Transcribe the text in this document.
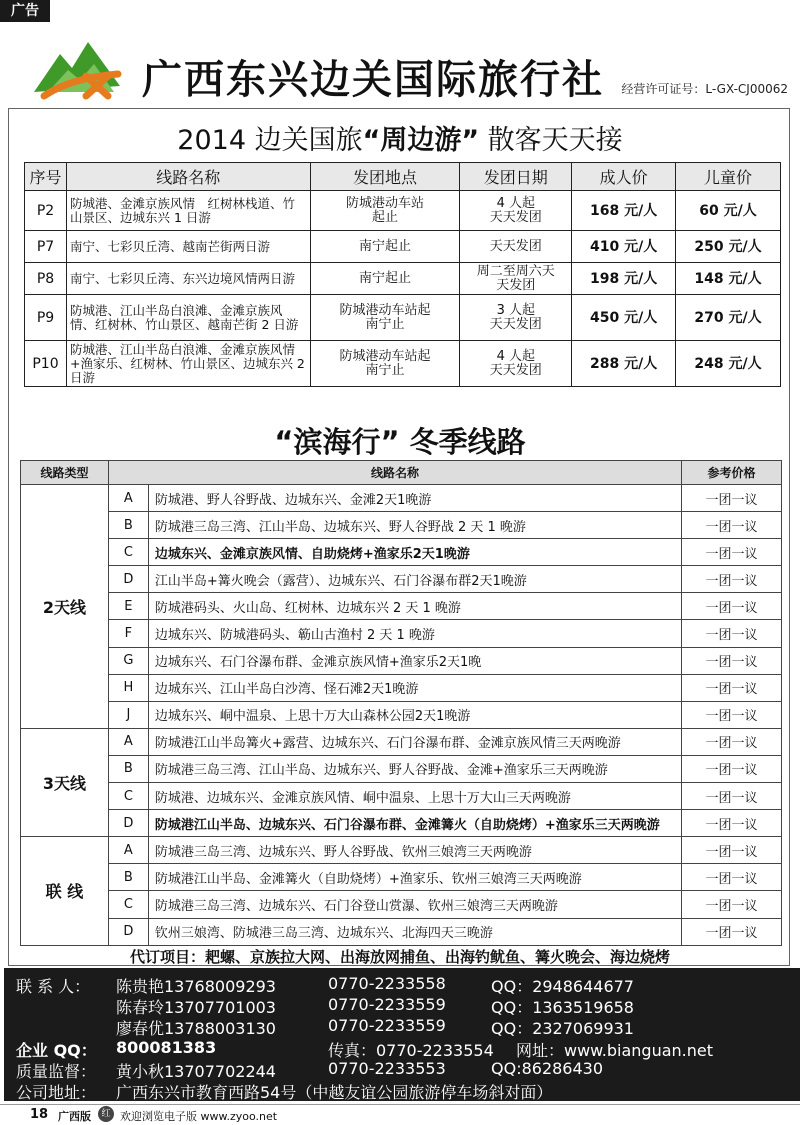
广告
广西东兴边关国际旅行社 经营许可证号：L-GX-CJ00062
2014 边关国旅“周边游” 散客天天接
序号	线路名称	发团地点	发团日期	成人价	儿童价
P2	防城港、金滩京族风情　红树林栈道、竹山景区、边城东兴 1 日游	防城港动车站
起止	4 人起
天天发团	168 元/人	60 元/人
P7	南宁、七彩贝丘湾、越南芒街两日游	南宁起止	天天发团	410 元/人	250 元/人
P8	南宁、七彩贝丘湾、东兴边境风情两日游	南宁起止	周二至周六天
天发团	198 元/人	148 元/人
P9	防城港、江山半岛白浪滩、金滩京族风情、红树林、竹山景区、越南芒街 2 日游	防城港动车站起
南宁止	3 人起
天天发团	450 元/人	270 元/人
P10	防城港、江山半岛白浪滩、金滩京族风情+渔家乐、红树林、竹山景区、边城东兴 2日游	防城港动车站起
南宁止	4 人起
天天发团	288 元/人	248 元/人
“滨海行” 冬季线路
线路类型	线路名称		参考价格
2天线	A	防城港、野人谷野战、边城东兴、金滩2天1晚游	一团一议
	B	防城港三岛三湾、江山半岛、边城东兴、野人谷野战 2 天 1 晚游	一团一议
	C	边城东兴、金滩京族风情、自助烧烤+渔家乐2天1晚游	一团一议
	D	江山半岛+篝火晚会（露营）、边城东兴、石门谷瀑布群2天1晚游	一团一议
	E	防城港码头、火山岛、红树林、边城东兴 2 天 1 晚游	一团一议
	F	边城东兴、防城港码头、簕山古渔村 2 天 1 晚游	一团一议
	G	边城东兴、石门谷瀑布群、金滩京族风情+渔家乐2天1晚	一团一议
	H	边城东兴、江山半岛白沙湾、怪石滩2天1晚游	一团一议
	J	边城东兴、峒中温泉、上思十万大山森林公园2天1晚游	一团一议
3天线	A	防城港江山半岛篝火+露营、边城东兴、石门谷瀑布群、金滩京族风情三天两晚游	一团一议
	B	防城港三岛三湾、江山半岛、边城东兴、野人谷野战、金滩+渔家乐三天两晚游	一团一议
	C	防城港、边城东兴、金滩京族风情、峒中温泉、上思十万大山三天两晚游	一团一议
	D	防城港江山半岛、边城东兴、石门谷瀑布群、金滩篝火（自助烧烤）+渔家乐三天两晚游	一团一议
联 线	A	防城港三岛三湾、边城东兴、野人谷野战、钦州三娘湾三天两晚游	一团一议
	B	防城港江山半岛、金滩篝火（自助烧烤）+渔家乐、钦州三娘湾三天两晚游	一团一议
	C	防城港三岛三湾、边城东兴、石门谷登山赏瀑、钦州三娘湾三天两晚游	一团一议
	D	钦州三娘湾、防城港三岛三湾、边城东兴、北海四天三晚游	一团一议
代订项目：耙螺、京族拉大网、出海放网捕鱼、出海钓鱿鱼、篝火晚会、海边烧烤
联 系 人： 陈贵艳13768009293	0770-2233558	QQ：2948644677
陈春玲13707701003	0770-2233559	QQ：1363519658
廖春优13788003130	0770-2233559	QQ：2327069931
企业 QQ： 800081383	传真：0770-2233554 网址：www.bianguan.net
质量监督： 黄小秋13707702244	0770-2233553	QQ:86286430
公司地址： 广西东兴市教育西路54号（中越友谊公园旅游停车场斜对面）
18 广西版	红 欢迎浏览电子版 www.zyoo.net
